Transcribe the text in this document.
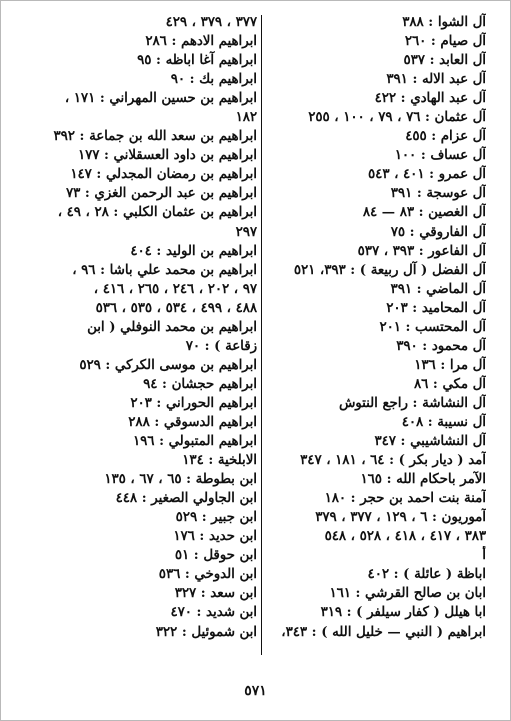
آل الشوا : ٣٨٨
آل صيام : ٢٦٠
آل العابد : ٥٣٧
آل عبد الاله : ٣٩١
آل عبد الهادي : ٤٢٢
آل عثمان : ٧٦ ، ٧٩ ، ١٠٠ ، ٢٥٥
آل عزام : ٤٥٥
آل عساف : ١٠٠
آل عمرو : ٤٠١ ، ٥٤٣
آل عوسجة : ٣٩١
آل الغصين : ٨٣ — ٨٤
آل الفاروقي : ٧٥
آل الفاعور : ٣٩٣ ، ٥٣٧
آل الفضل ( آل ربيعة ) : ٣٩٣، ٥٢١
آل الماضي : ٣٩١
آل المحاميد : ٢٠٣
آل المحتسب : ٢٠١
آل محمود : ٣٩٠
آل مرا : ١٣٦
آل مكي : ٨٦
آل النشاشة : راجع النتوش
آل نسيبة : ٤٠٨
آل النشاشيبي : ٣٤٧
آمد ( ديار بكر ) : ٦٤ ، ١٨١ ، ٣٤٧
الآمر باحكام الله : ١٦٥
آمنة بنت احمد بن حجر : ١٨٠
آموريون : ٦ ، ١٢٩ ، ٣٧٧ ، ٣٧٩
٣٨٣ ، ٤١٧ ، ٤١٨ ، ٥٢٨ ، ٥٤٨
أ
اباظة ( عائلة ) : ٤٠٢
ابان بن صالح القرشي : ١٦١
ابا هيلل ( كفار سيلفر ) : ٣١٩
ابراهيم ( النبي — خليل الله ) : ٣٤٣،
٣٧٧ ، ٣٧٩ ، ٤٢٩
ابراهيم الادهم : ٢٨٦
ابراهيم آغا اباظه : ٩٥
ابراهيم بك : ٩٠
ابراهيم بن حسين المهراني : ١٧١ ،
١٨٢
ابراهيم بن سعد الله بن جماعة : ٣٩٢
ابراهيم بن داود العسقلاني : ١٧٧
ابراهيم بن رمضان المجدلي : ١٤٧
ابراهيم بن عبد الرحمن الغزي : ٧٣
ابراهيم بن عثمان الكلبي : ٢٨ ، ٤٩ ،
٢٩٧
ابراهيم بن الوليد : ٤٠٤
ابراهيم بن محمد علي باشا : ٩٦ ،
٩٧ ، ٢٠٢ ، ٢٤٦ ، ٢٦٥ ، ٤١٦ ،
٤٨٨ ، ٤٩٩ ، ٥٣٤ ، ٥٣٥ ، ٥٣٦
ابراهيم بن محمد النوفلي ( ابن
زقاعة ) : ٧٠
ابراهيم بن موسى الكركي : ٥٢٩
ابراهيم حجشان : ٩٤
ابراهيم الحوراني : ٢٠٣
ابراهيم الدسوقي : ٢٨٨
ابراهيم المتبولي : ١٩٦
الابلخية : ١٣٤
ابن بطوطة : ٦٥ ، ٦٧ ، ١٣٥
ابن الجاولي الصغير : ٤٤٨
ابن جبير : ٥٢٩
ابن حديد : ١٧٦
ابن حوقل : ٥١
ابن الدوخي : ٥٣٦
ابن سعد : ٣٢٧
ابن شديد : ٤٧٠
ابن شموئيل : ٣٢٢
٥٧١
